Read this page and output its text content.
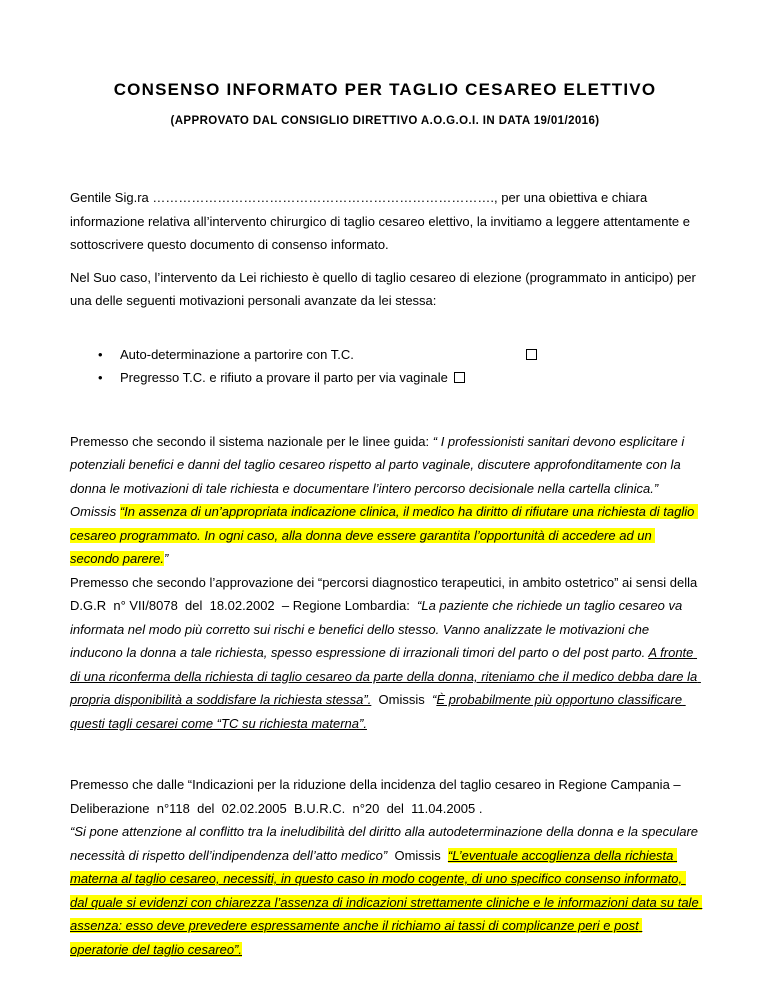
CONSENSO INFORMATO PER TAGLIO CESAREO ELETTIVO
(APPROVATO DAL CONSIGLIO DIRETTIVO A.O.G.O.I. IN DATA 19/01/2016)

Gentile Sig.ra ……………………………………………………………………., per una obiettiva e chiara informazione relativa all’intervento chirurgico di taglio cesareo elettivo, la invitiamo a leggere attentamente e sottoscrivere questo documento di consenso informato.

Nel Suo caso, l’intervento da Lei richiesto è quello di taglio cesareo di elezione (programmato in anticipo) per una delle seguenti motivazioni personali avanzate da lei stessa:

•	Auto-determinazione a partorire con T.C.
•	Pregresso T.C. e rifiuto a provare il parto per via vaginale

Premesso che secondo il sistema nazionale per le linee guida: “ I professionisti sanitari devono esplicitare i potenziali benefici e danni del taglio cesareo rispetto al parto vaginale, discutere approfonditamente con la donna le motivazioni di tale richiesta e documentare l’intero percorso decisionale nella cartella clinica.” Omissis “In assenza di un’appropriata indicazione clinica, il medico ha diritto di rifiutare una richiesta di taglio cesareo programmato. In ogni caso, alla donna deve essere garantita l’opportunità di accedere ad un secondo parere.”

Premesso che secondo l’approvazione dei “percorsi diagnostico terapeutici, in ambito ostetrico” ai sensi della  D.G.R  n° VII/8078  del  18.02.2002  – Regione Lombardia:  “La paziente che richiede un taglio cesareo va informata nel modo più corretto sui rischi e benefici dello stesso. Vanno analizzate le motivazioni che inducono la donna a tale richiesta, spesso espressione di irrazionali timori del parto o del post parto. A fronte di una riconferma della richiesta di taglio cesareo da parte della donna, riteniamo che il medico debba dare la propria disponibilità a soddisfare la richiesta stessa”.  Omissis  “È probabilmente più opportuno classificare questi tagli cesarei come “TC su richiesta materna”.

Premesso che dalle “Indicazioni per la riduzione della incidenza del taglio cesareo in Regione Campania – Deliberazione  n°118  del  02.02.2005  B.U.R.C.  n°20  del  11.04.2005 .
“Si pone attenzione al conflitto tra la ineludibilità del diritto alla autodeterminazione della donna e la speculare necessità di rispetto dell’indipendenza dell’atto medico”  Omissis  “L’eventuale accoglienza della richiesta materna al taglio cesareo, necessiti, in questo caso in modo cogente, di uno specifico consenso informato, dal quale si evidenzi con chiarezza l’assenza di indicazioni strettamente cliniche e le informazioni data su tale assenza: esso deve prevedere espressamente anche il richiamo ai tassi di complicanze peri e post operatorie del taglio cesareo”.
